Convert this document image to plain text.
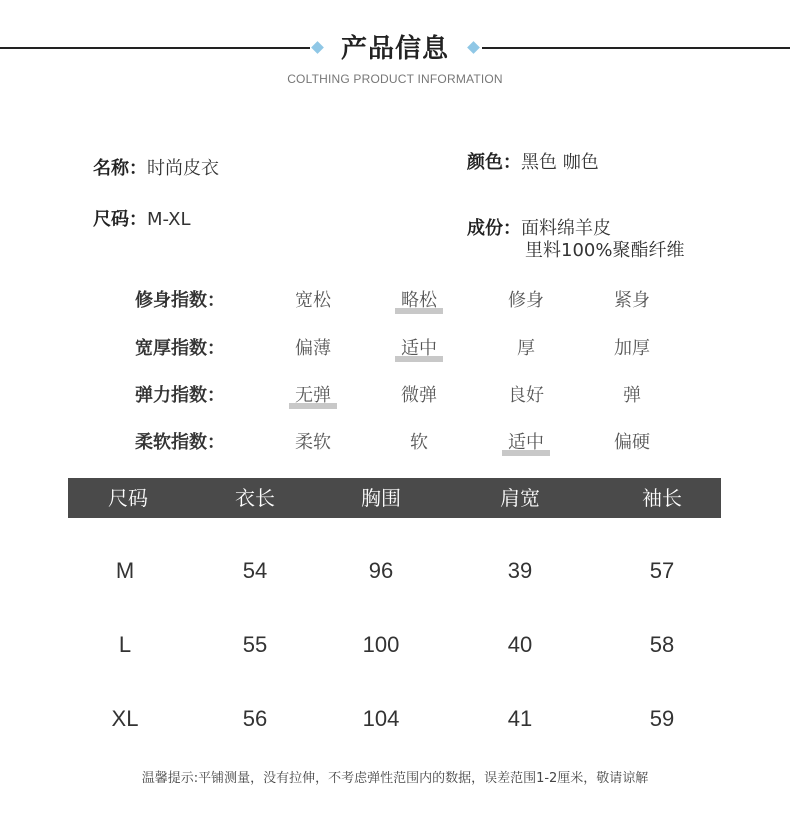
产品信息
COLTHING PRODUCT INFORMATION
名称：时尚皮衣
尺码：M-XL
颜色：黑色 咖色
成份：面料绵羊皮
里料100%聚酯纤维
修身指数：	宽松	略松	修身	紧身
宽厚指数：	偏薄	适中	厚	加厚
弹力指数：	无弹	微弹	良好	弹
柔软指数：	柔软	软	适中	偏硬
尺码	衣长	胸围	肩宽	袖长
M	54	96	39	57
L	55	100	40	58
XL	56	104	41	59
温馨提示:平铺测量，没有拉伸，不考虑弹性范围内的数据，误差范围1-2厘米，敬请谅解
